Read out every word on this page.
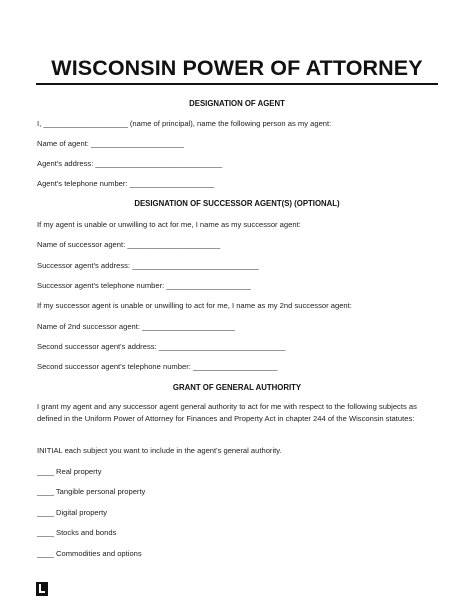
WISCONSIN POWER OF ATTORNEY
DESIGNATION OF AGENT
I, ____________________ (name of principal), name the following person as my agent:
Name of agent: ______________________
Agent's address: ______________________________
Agent's telephone number: ____________________
DESIGNATION OF SUCCESSOR AGENT(S) (OPTIONAL)
If my agent is unable or unwilling to act for me, I name as my successor agent:
Name of successor agent: ______________________
Successor agent's address: ______________________________
Successor agent's telephone number: ____________________
If my successor agent is unable or unwilling to act for me, I name as my 2nd successor agent:
Name of 2nd successor agent: ______________________
Second successor agent's address: ______________________________
Second successor agent's telephone number: ____________________
GRANT OF GENERAL AUTHORITY
I grant my agent and any successor agent general authority to act for me with respect to the following subjects as defined in the Uniform Power of Attorney for Finances and Property Act in chapter 244 of the Wisconsin statutes:
INITIAL each subject you want to include in the agent's general authority.
____ Real property
____ Tangible personal property
____ Digital property
____ Stocks and bonds
____ Commodities and options
